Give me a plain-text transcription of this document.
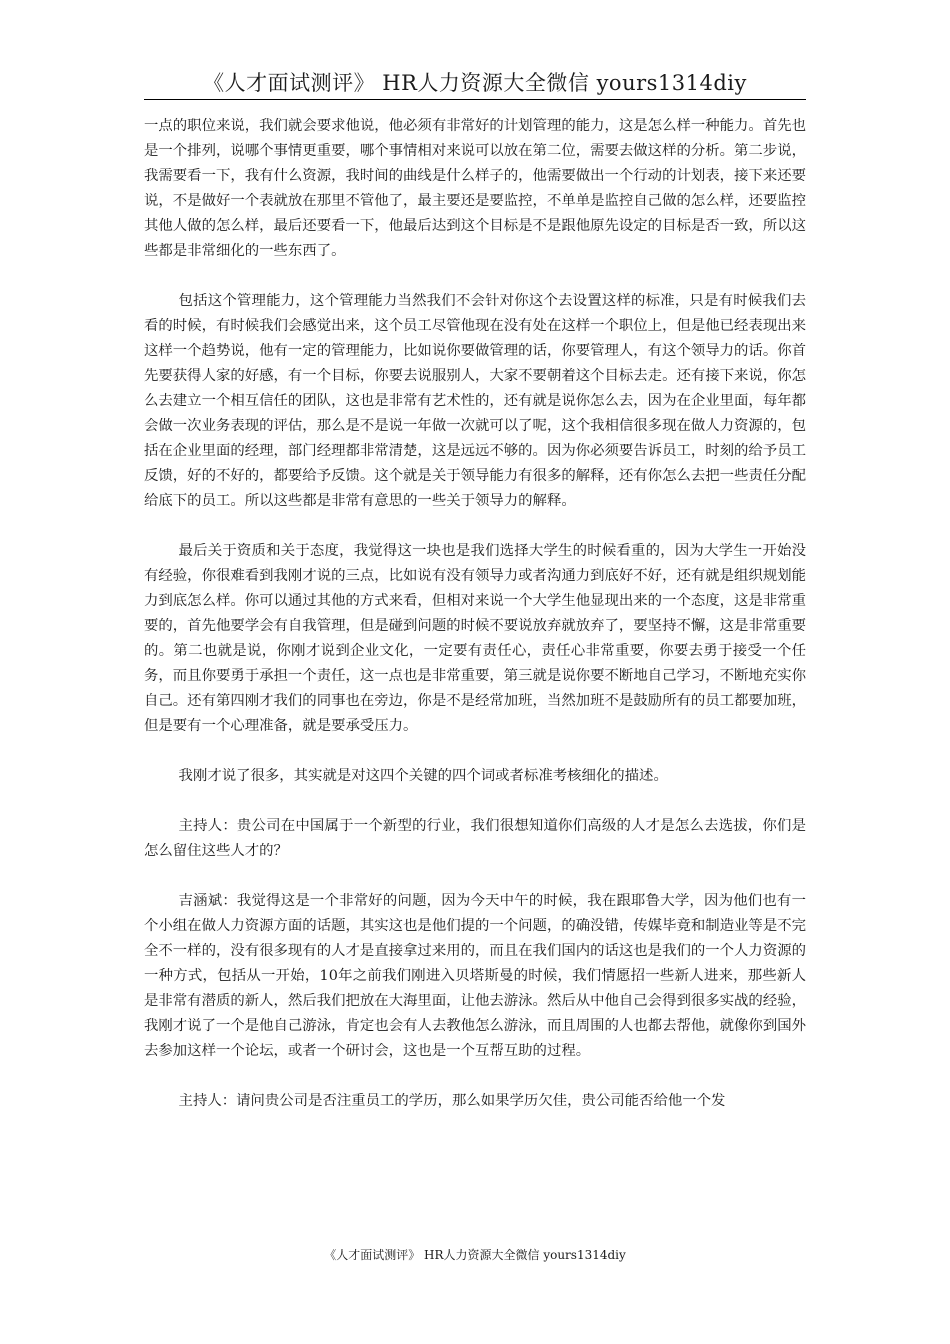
《人才面试测评》 HR人力资源大全微信 yours1314diy

一点的职位来说，我们就会要求他说，他必须有非常好的计划管理的能力，这是怎么样一种能力。首先也是一个排列，说哪个事情更重要，哪个事情相对来说可以放在第二位，需要去做这样的分析。第二步说，我需要看一下，我有什么资源，我时间的曲线是什么样子的，他需要做出一个行动的计划表，接下来还要说，不是做好一个表就放在那里不管他了，最主要还是要监控，不单单是监控自己做的怎么样，还要监控其他人做的怎么样，最后还要看一下，他最后达到这个目标是不是跟他原先设定的目标是否一致，所以这些都是非常细化的一些东西了。

包括这个管理能力，这个管理能力当然我们不会针对你这个去设置这样的标准，只是有时候我们去看的时候，有时候我们会感觉出来，这个员工尽管他现在没有处在这样一个职位上，但是他已经表现出来这样一个趋势说，他有一定的管理能力，比如说你要做管理的话，你要管理人，有这个领导力的话。你首先要获得人家的好感，有一个目标，你要去说服别人，大家不要朝着这个目标去走。还有接下来说，你怎么去建立一个相互信任的团队，这也是非常有艺术性的，还有就是说你怎么去，因为在企业里面，每年都会做一次业务表现的评估，那么是不是说一年做一次就可以了呢，这个我相信很多现在做人力资源的，包括在企业里面的经理，部门经理都非常清楚，这是远远不够的。因为你必须要告诉员工，时刻的给予员工反馈，好的不好的，都要给予反馈。这个就是关于领导能力有很多的解释，还有你怎么去把一些责任分配给底下的员工。所以这些都是非常有意思的一些关于领导力的解释。

最后关于资质和关于态度，我觉得这一块也是我们选择大学生的时候看重的，因为大学生一开始没有经验，你很难看到我刚才说的三点，比如说有没有领导力或者沟通力到底好不好，还有就是组织规划能力到底怎么样。你可以通过其他的方式来看，但相对来说一个大学生他显现出来的一个态度，这是非常重要的，首先他要学会有自我管理，但是碰到问题的时候不要说放弃就放弃了，要坚持不懈，这是非常重要的。第二也就是说，你刚才说到企业文化，一定要有责任心，责任心非常重要，你要去勇于接受一个任务，而且你要勇于承担一个责任，这一点也是非常重要，第三就是说你要不断地自己学习，不断地充实你自己。还有第四刚才我们的同事也在旁边，你是不是经常加班，当然加班不是鼓励所有的员工都要加班，但是要有一个心理准备，就是要承受压力。

我刚才说了很多，其实就是对这四个关键的四个词或者标准考核细化的描述。

主持人：贵公司在中国属于一个新型的行业，我们很想知道你们高级的人才是怎么去选拔，你们是怎么留住这些人才的？

吉涵斌：我觉得这是一个非常好的问题，因为今天中午的时候，我在跟耶鲁大学，因为他们也有一个小组在做人力资源方面的话题，其实这也是他们提的一个问题，的确没错，传媒毕竟和制造业等是不完全不一样的，没有很多现有的人才是直接拿过来用的，而且在我们国内的话这也是我们的一个人力资源的一种方式，包括从一开始，10年之前我们刚进入贝塔斯曼的时候，我们情愿招一些新人进来，那些新人是非常有潜质的新人，然后我们把放在大海里面，让他去游泳。然后从中他自己会得到很多实战的经验，我刚才说了一个是他自己游泳，肯定也会有人去教他怎么游泳，而且周围的人也都去帮他，就像你到国外去参加这样一个论坛，或者一个研讨会，这也是一个互帮互助的过程。

主持人：请问贵公司是否注重员工的学历，那么如果学历欠佳，贵公司能否给他一个发

《人才面试测评》 HR人力资源大全微信 yours1314diy
